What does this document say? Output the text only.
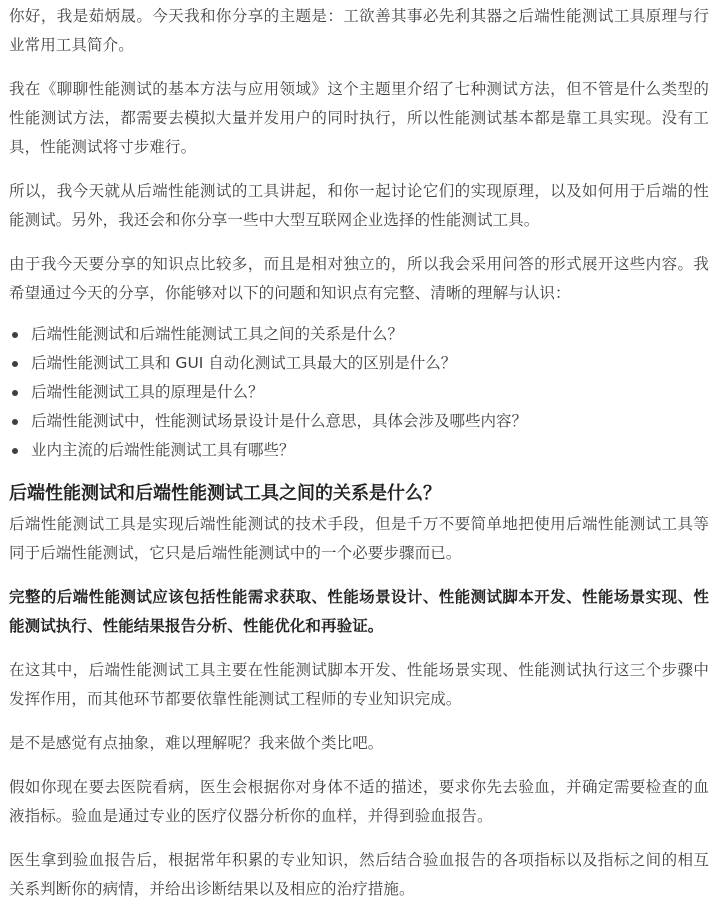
你好，我是茹炳晟。今天我和你分享的主题是：工欲善其事必先利其器之后端性能测试工具原理与行业常用工具简介。

我在《聊聊性能测试的基本方法与应用领域》这个主题里介绍了七种测试方法，但不管是什么类型的性能测试方法，都需要去模拟大量并发用户的同时执行，所以性能测试基本都是靠工具实现。没有工具，性能测试将寸步难行。

所以，我今天就从后端性能测试的工具讲起，和你一起讨论它们的实现原理，以及如何用于后端的性能测试。另外，我还会和你分享一些中大型互联网企业选择的性能测试工具。

由于我今天要分享的知识点比较多，而且是相对独立的，所以我会采用问答的形式展开这些内容。我希望通过今天的分享，你能够对以下的问题和知识点有完整、清晰的理解与认识：

后端性能测试和后端性能测试工具之间的关系是什么？
后端性能测试工具和 GUI 自动化测试工具最大的区别是什么？
后端性能测试工具的原理是什么？
后端性能测试中，性能测试场景设计是什么意思，具体会涉及哪些内容？
业内主流的后端性能测试工具有哪些？
后端性能测试和后端性能测试工具之间的关系是什么？

后端性能测试工具是实现后端性能测试的技术手段，但是千万不要简单地把使用后端性能测试工具等同于后端性能测试，它只是后端性能测试中的一个必要步骤而已。

完整的后端性能测试应该包括性能需求获取、性能场景设计、性能测试脚本开发、性能场景实现、性能测试执行、性能结果报告分析、性能优化和再验证。

在这其中，后端性能测试工具主要在性能测试脚本开发、性能场景实现、性能测试执行这三个步骤中发挥作用，而其他环节都要依靠性能测试工程师的专业知识完成。

是不是感觉有点抽象，难以理解呢？我来做个类比吧。

假如你现在要去医院看病，医生会根据你对身体不适的描述，要求你先去验血，并确定需要检查的血液指标。验血是通过专业的医疗仪器分析你的血样，并得到验血报告。

医生拿到验血报告后，根据常年积累的专业知识，然后结合验血报告的各项指标以及指标之间的相互关系判断你的病情，并给出诊断结果以及相应的治疗措施。
